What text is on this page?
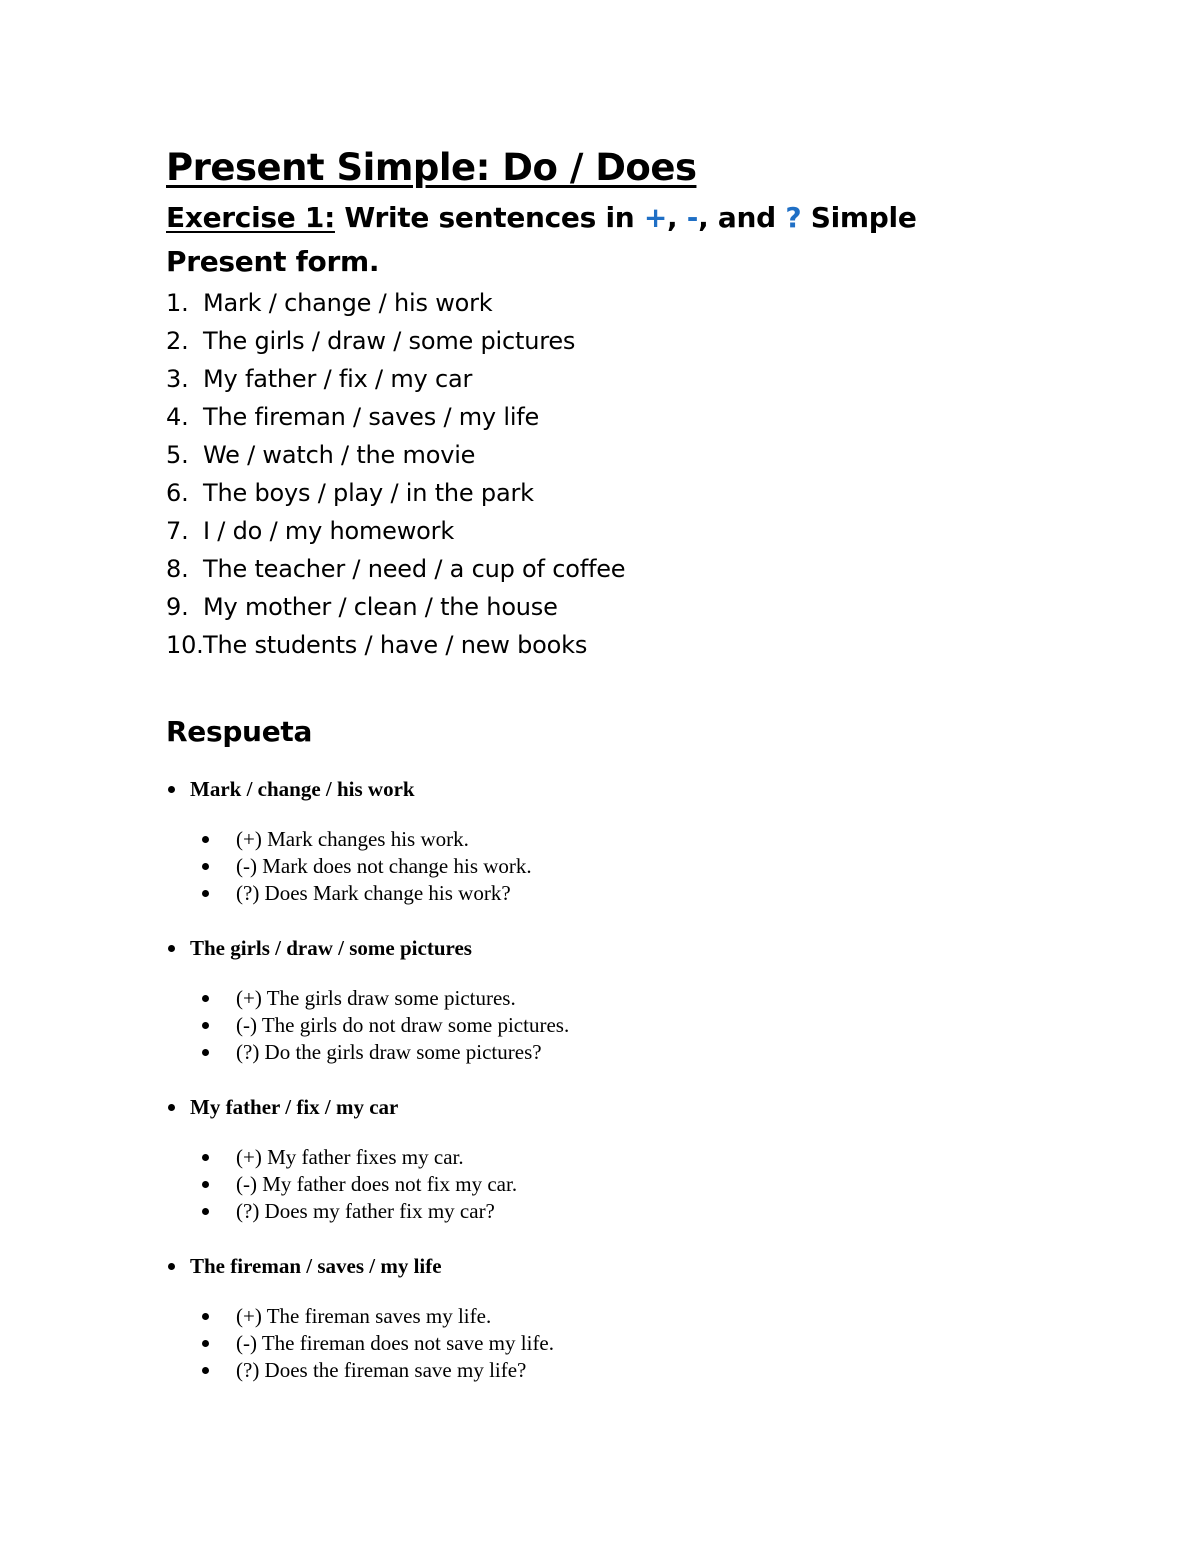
Present Simple: Do / Does

Exercise 1: Write sentences in +, -, and ? Simple Present form.

1. Mark / change / his work
2. The girls / draw / some pictures
3. My father / fix / my car
4. The fireman / saves / my life
5. We / watch / the movie
6. The boys / play / in the park
7. I / do / my homework
8. The teacher / need / a cup of coffee
9. My mother / clean / the house
10. The students / have / new books
Respueta
Mark / change / his work
(+) Mark changes his work.
(-) Mark does not change his work.
(?) Does Mark change his work?
The girls / draw / some pictures
(+) The girls draw some pictures.
(-) The girls do not draw some pictures.
(?) Do the girls draw some pictures?
My father / fix / my car
(+) My father fixes my car.
(-) My father does not fix my car.
(?) Does my father fix my car?
The fireman / saves / my life
(+) The fireman saves my life.
(-) The fireman does not save my life.
(?) Does the fireman save my life?
